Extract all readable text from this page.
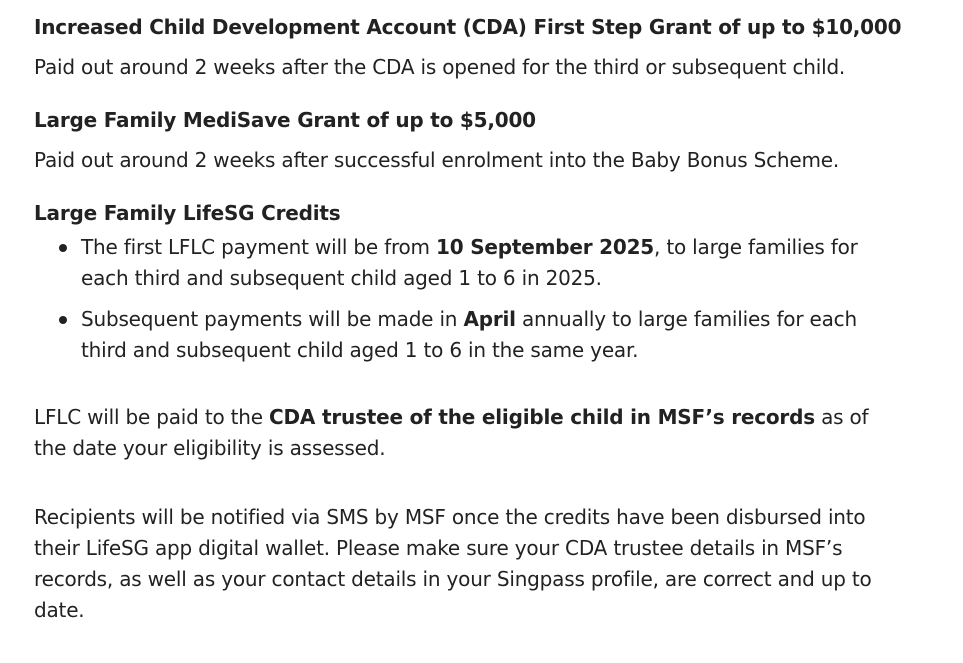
Increased Child Development Account (CDA) First Step Grant of up to $10,000

Paid out around 2 weeks after the CDA is opened for the third or subsequent child.

Large Family MediSave Grant of up to $5,000

Paid out around 2 weeks after successful enrolment into the Baby Bonus Scheme.

Large Family LifeSG Credits

The first LFLC payment will be from 10 September 2025, to large families for each third and subsequent child aged 1 to 6 in 2025.
Subsequent payments will be made in April annually to large families for each third and subsequent child aged 1 to 6 in the same year.

LFLC will be paid to the CDA trustee of the eligible child in MSF’s records as of the date your eligibility is assessed.

Recipients will be notified via SMS by MSF once the credits have been disbursed into their LifeSG app digital wallet. Please make sure your CDA trustee details in MSF’s records, as well as your contact details in your Singpass profile, are correct and up to date.
